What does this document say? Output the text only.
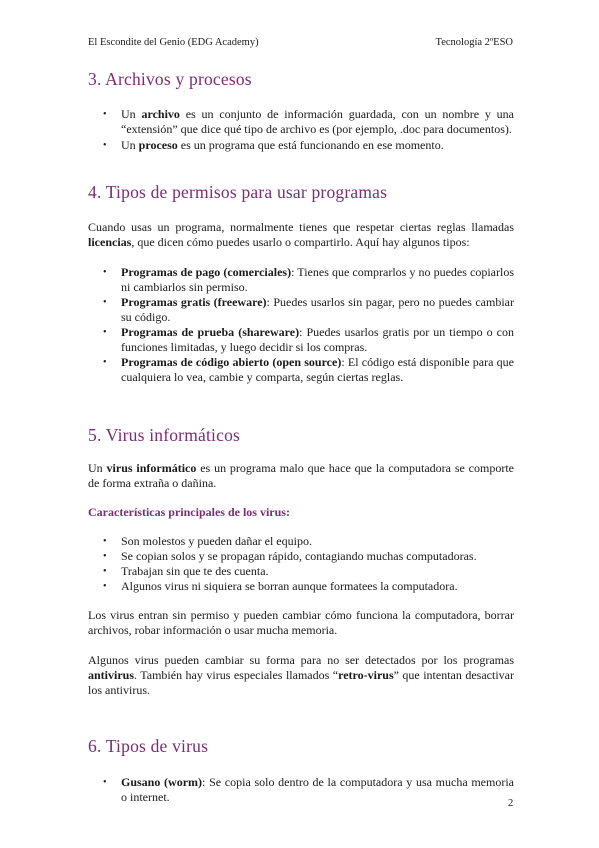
El Escondite del Genio (EDG Academy)	Tecnología 2ºESO
3. Archivos y procesos
• Un archivo es un conjunto de información guardada, con un nombre y una “extensión” que dice qué tipo de archivo es (por ejemplo, .doc para documentos).
• Un proceso es un programa que está funcionando en ese momento.
4. Tipos de permisos para usar programas

Cuando usas un programa, normalmente tienes que respetar ciertas reglas llamadas licencias, que dicen cómo puedes usarlo o compartirlo. Aquí hay algunos tipos:

• Programas de pago (comerciales): Tienes que comprarlos y no puedes copiarlos ni cambiarlos sin permiso.
• Programas gratis (freeware): Puedes usarlos sin pagar, pero no puedes cambiar su código.
• Programas de prueba (shareware): Puedes usarlos gratis por un tiempo o con funciones limitadas, y luego decidir si los compras.
• Programas de código abierto (open source): El código está disponible para que cualquiera lo vea, cambie y comparta, según ciertas reglas.
5. Virus informáticos

Un virus informático es un programa malo que hace que la computadora se comporte de forma extraña o dañina.

Características principales de los virus:
• Son molestos y pueden dañar el equipo.
• Se copian solos y se propagan rápido, contagiando muchas computadoras.
• Trabajan sin que te des cuenta.
• Algunos virus ni siquiera se borran aunque formatees la computadora.

Los virus entran sin permiso y pueden cambiar cómo funciona la computadora, borrar archivos, robar información o usar mucha memoria.

Algunos virus pueden cambiar su forma para no ser detectados por los programas antivirus. También hay virus especiales llamados “retro-virus” que intentan desactivar los antivirus.

6. Tipos de virus
• Gusano (worm): Se copia solo dentro de la computadora y usa mucha memoria o internet.	2
